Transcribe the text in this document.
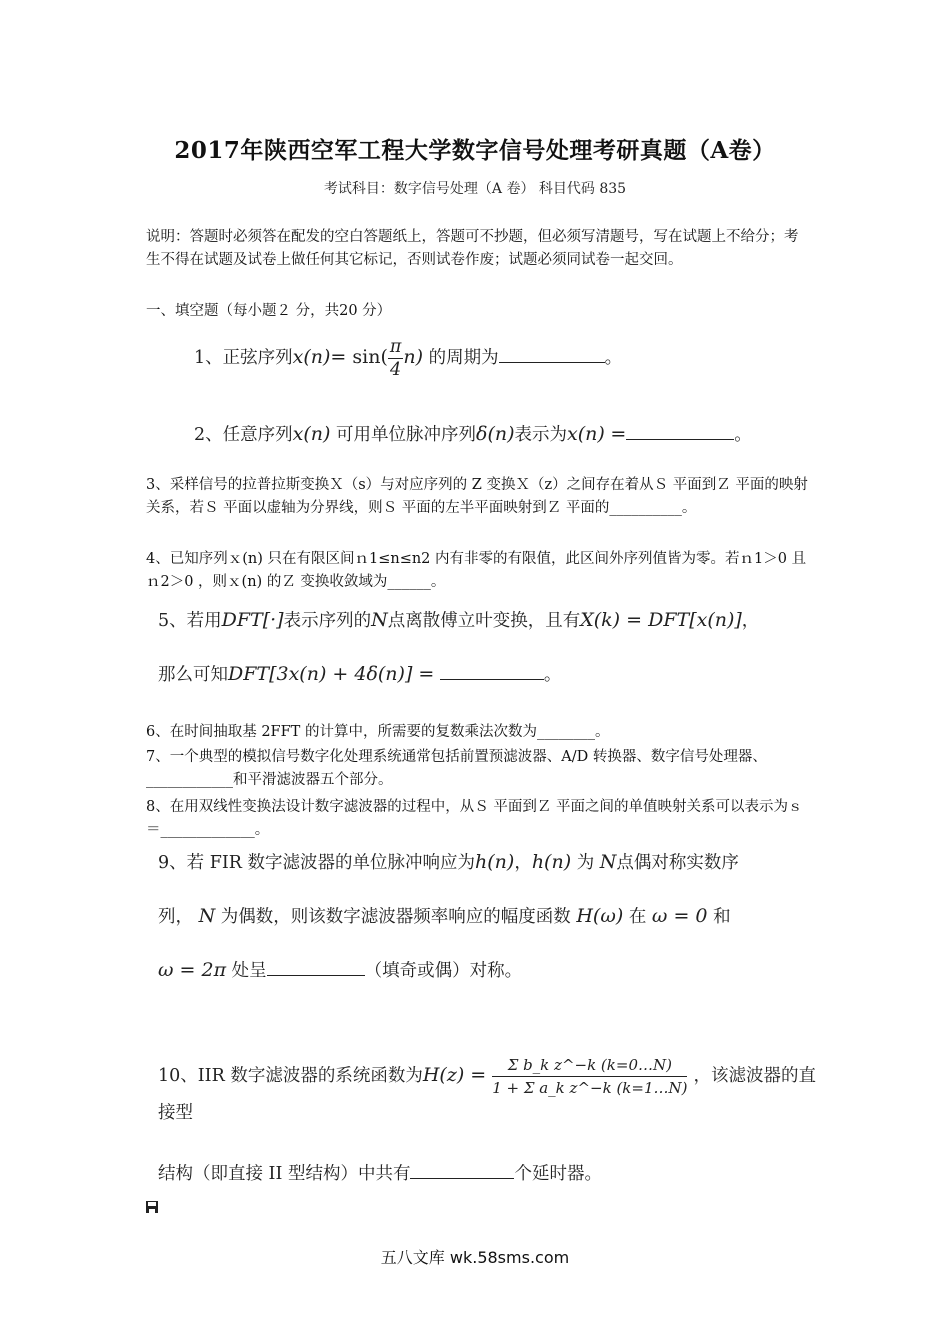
2017年陕西空军工程大学数字信号处理考研真题（A卷）
考试科目：数字信号处理（A 卷） 科目代码 835
说明：答题时必须答在配发的空白答题纸上，答题可不抄题，但必须写清题号，写在试题上不给分；考生不得在试题及试卷上做任何其它标记，否则试卷作废；试题必须同试卷一起交回。
一、填空题（每小题２ 分，共20 分）
1、正弦序列$x(n)= \sin( \frac{\pi}{4} n)$ 的周期为	。
2、任意序列x(n) 可用单位脉冲序列δ(n)表示为x(n) =	。
3、采样信号的拉普拉斯变换Ｘ（s）与对应序列的 Z 变换Ｘ（z）之间存在着从Ｓ 平面到Ｚ 平面的映射关系，若Ｓ 平面以虚轴为分界线，则Ｓ 平面的左半平面映射到Ｚ 平面的__________。
4、已知序列ｘ(n) 只在有限区间ｎ1≤n≤n2 内有非零的有限值，此区间外序列值皆为零。若ｎ1＞0 且ｎ2＞0 ，则ｘ(n) 的Ｚ 变换收敛域为______。
5、若用DFT[·]表示序列的N点离散傅立叶变换，且有X(k) = DFT[x(n)]，
那么可知DFT[3x(n) + 4δ(n)] =	。
6、在时间抽取基 2FFT 的计算中，所需要的复数乘法次数为________。
7、一个典型的模拟信号数字化处理系统通常包括前置预滤波器、A/D 转换器、数字信号处理器、____________和平滑滤波器五个部分。
8、在用双线性变换法设计数字滤波器的过程中，从Ｓ 平面到Ｚ 平面之间的单值映射关系可以表示为ｓ ＝_____________。
9、若 FIR 数字滤波器的单位脉冲响应为h(n)，h(n) 为 N点偶对称实数序
列， N 为偶数，则该数字滤波器频率响应的幅度函数 H(ω) 在 ω = 0 和
ω = 2π 处呈	（填奇或偶）对称。
10、IIR 数字滤波器的系统函数为$H(z) = \frac{\text{Σ b\_k z\textasciicircum{}−k (k=0…N)}}{\text{1 + Σ a\_k z\textasciicircum{}−k (k=1…N)}}$ ，该滤波器的直接型
结构（即直接 II 型结构）中共有	个延时器。
五八文库 wk.58sms.com
